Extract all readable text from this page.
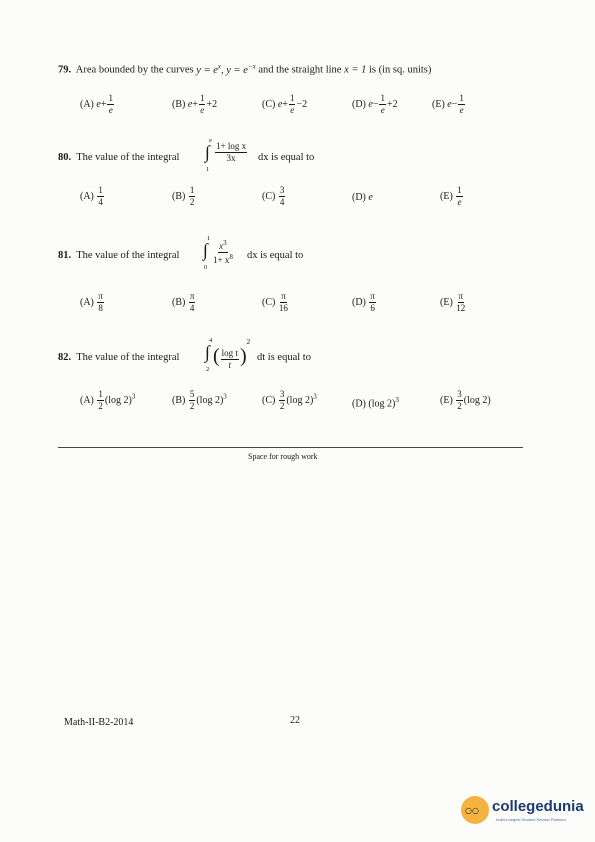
79. Area bounded by the curves $y = e^x$, $y = e^{-x}$ and the straight line x = 1 is (in sq. units)
(A) $e+ \frac{1}{e}$	(B) $e+ \frac{1}{e} +2$	(C) $e+ \frac{1}{e} -2$	(D) $e- \frac{1}{e} +2$	(E) $e- \frac{1}{e}$
80. The value of the integral ∫
e
1
$\frac{\text{1+ log x}}{3x}$ dx is equal to
$(A) \frac{1}{4}$	$(B) \frac{1}{2}$	$(C) \frac{3}{4}$	(D) e	$(E) \frac{1}{e}$
81. The value of the integral ∫
1
0
$\frac{x^3}{1+ x^8}$ dx is equal to
$(A) \frac{\pi}{8}$	$(B) \frac{\pi}{4}$	$(C) \frac{\pi}{16}$	$(D) \frac{\pi}{6}$	$(E) \frac{\pi}{12}$
82. The value of the integral ∫
4
2
( $\frac{\text{log t}}{t} )^2$
dt is equal to
$(A) \frac{1}{2} (\log$ 2)$^3$	$(B) \frac{5}{2} (\log$ 2)$^3$	$(C) \frac{3}{2} (\log$ 2)$^3$
(D) (log 2)$^3$	$(E) \frac{3}{2} (\log$ 2)
Space for rough work
Math-II-B2-2014	22
○○ collegedunia
India's largest Student Review Platform
